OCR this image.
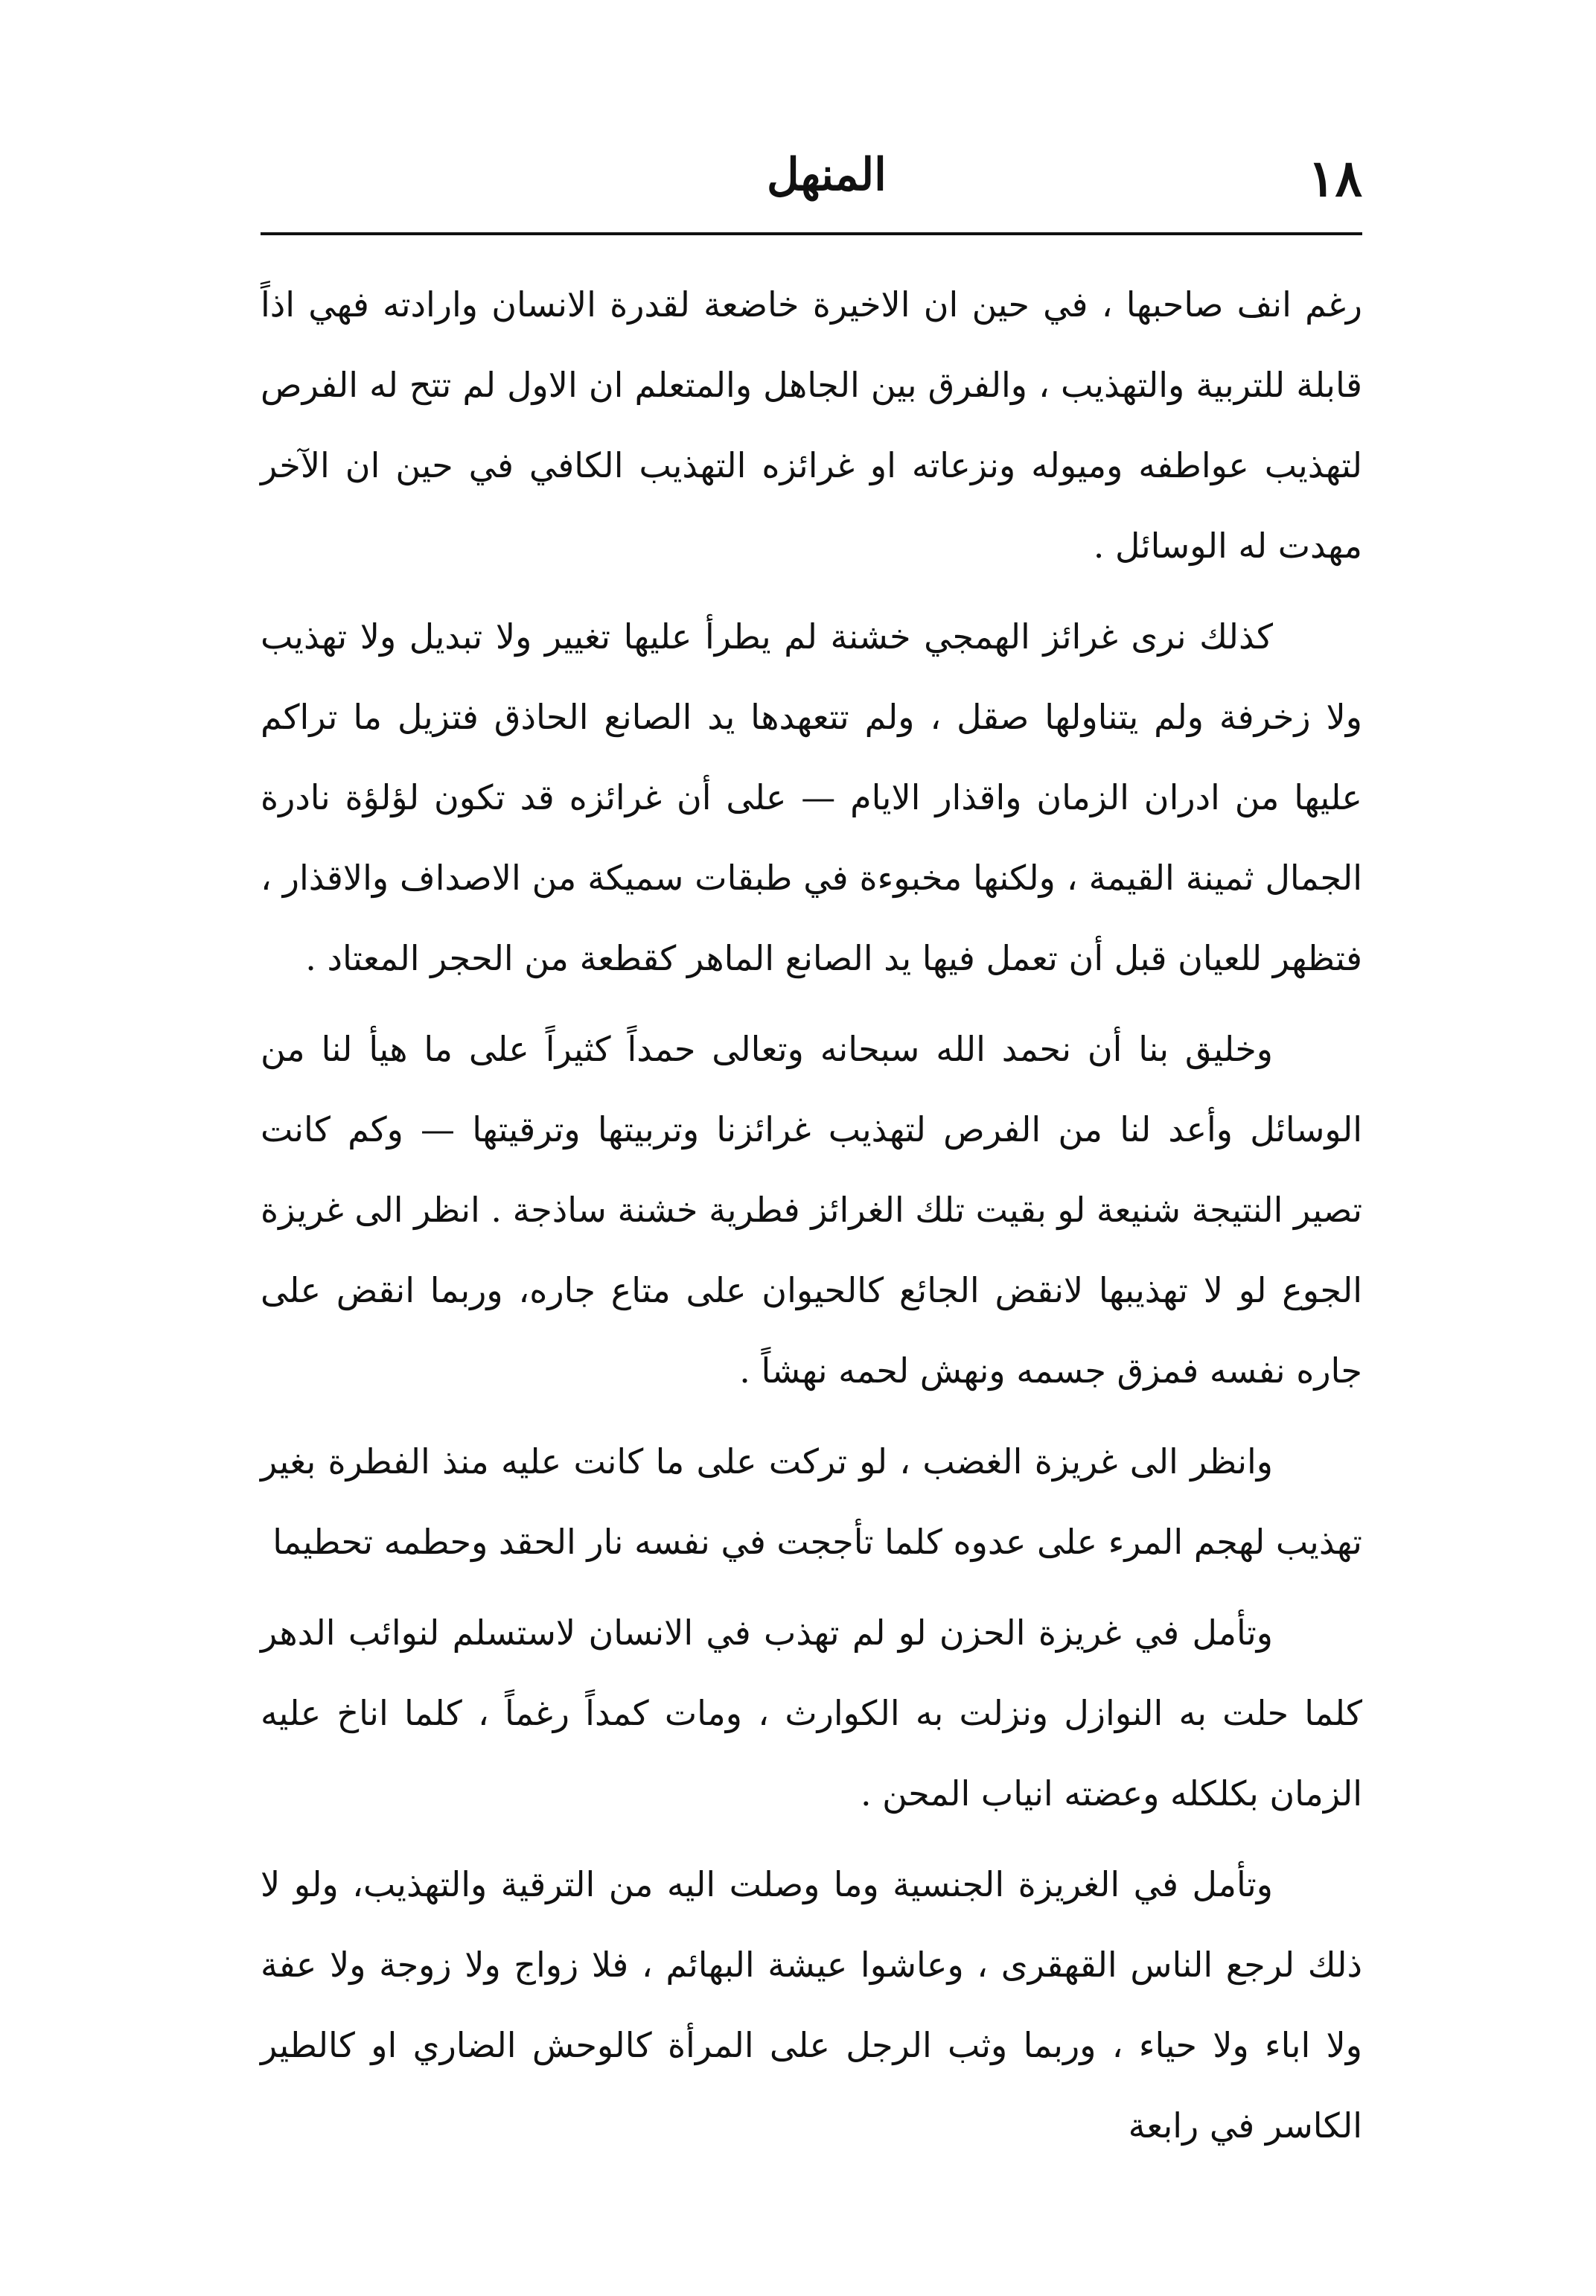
١٨
المنهل

رغم انف صاحبها ، في حين ان الاخيرة خاضعة لقدرة الانسان وارادته فهي اذاً قابلة للتربية والتهذيب ، والفرق بين الجاهل والمتعلم ان الاول لم تتح له الفرص لتهذيب عواطفه وميوله ونزعاته او غرائزه التهذيب الكافي في حين ان الآخر مهدت له الوسائل .

كذلك نرى غرائز الهمجي خشنة لم يطرأ عليها تغيير ولا تبديل ولا تهذيب ولا زخرفة ولم يتناولها صقل ، ولم تتعهدها يد الصانع الحاذق فتزيل ما تراكم عليها من ادران الزمان واقذار الايام — على أن غرائزه قد تكون لؤلؤة نادرة الجمال ثمينة القيمة ، ولكنها مخبوءة في طبقات سميكة من الاصداف والاقذار ، فتظهر للعيان قبل أن تعمل فيها يد الصانع الماهر كقطعة من الحجر المعتاد .

وخليق بنا أن نحمد الله سبحانه وتعالى حمداً كثيراً على ما هيأ لنا من الوسائل وأعد لنا من الفرص لتهذيب غرائزنا وتربيتها وترقيتها — وكم كانت تصير النتيجة شنيعة لو بقيت تلك الغرائز فطرية خشنة ساذجة . انظر الى غريزة الجوع لو لا تهذيبها لانقض الجائع كالحيوان على متاع جاره، وربما انقض على جاره نفسه فمزق جسمه ونهش لحمه نهشاً .

وانظر الى غريزة الغضب ، لو تركت على ما كانت عليه منذ الفطرة بغير تهذيب لهجم المرء على عدوه كلما تأججت في نفسه نار الحقد وحطمه تحطيما

وتأمل في غريزة الحزن لو لم تهذب في الانسان لاستسلم لنوائب الدهر كلما حلت به النوازل ونزلت به الكوارث ، ومات كمداً رغماً ، كلما اناخ عليه الزمان بكلكله وعضته انياب المحن .

وتأمل في الغريزة الجنسية وما وصلت اليه من الترقية والتهذيب، ولو لا ذلك لرجع الناس القهقرى ، وعاشوا عيشة البهائم ، فلا زواج ولا زوجة ولا عفة ولا اباء ولا حياء ، وربما وثب الرجل على المرأة كالوحش الضاري او كالطير الكاسر في رابعة
